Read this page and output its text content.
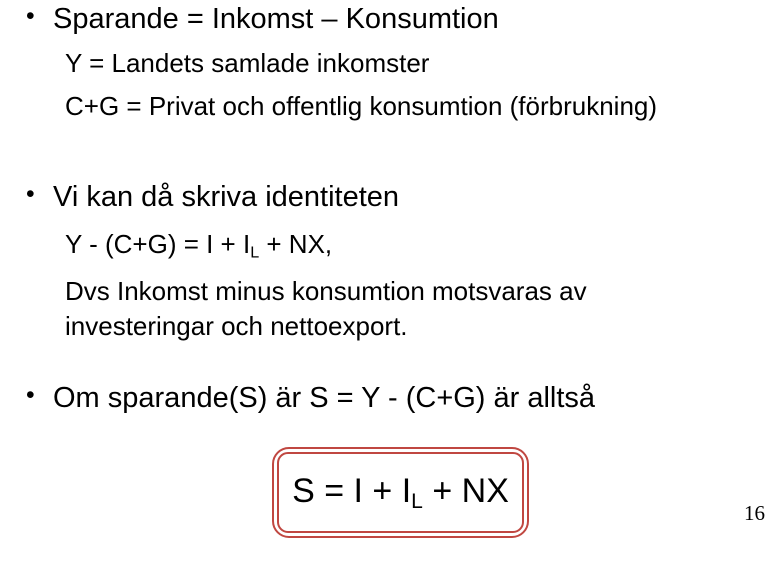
• Sparande = Inkomst – Konsumtion
Y = Landets samlade inkomster
C+G = Privat och offentlig konsumtion (förbrukning)
• Vi kan då skriva identiteten
$Y - (C+G) = I + I_L$ + NX,
Dvs Inkomst minus konsumtion motsvaras av
investeringar och nettoexport.
• Om sparande(S) är S = Y - (C+G) är alltså
$S = I + I_L$ + NX
16
